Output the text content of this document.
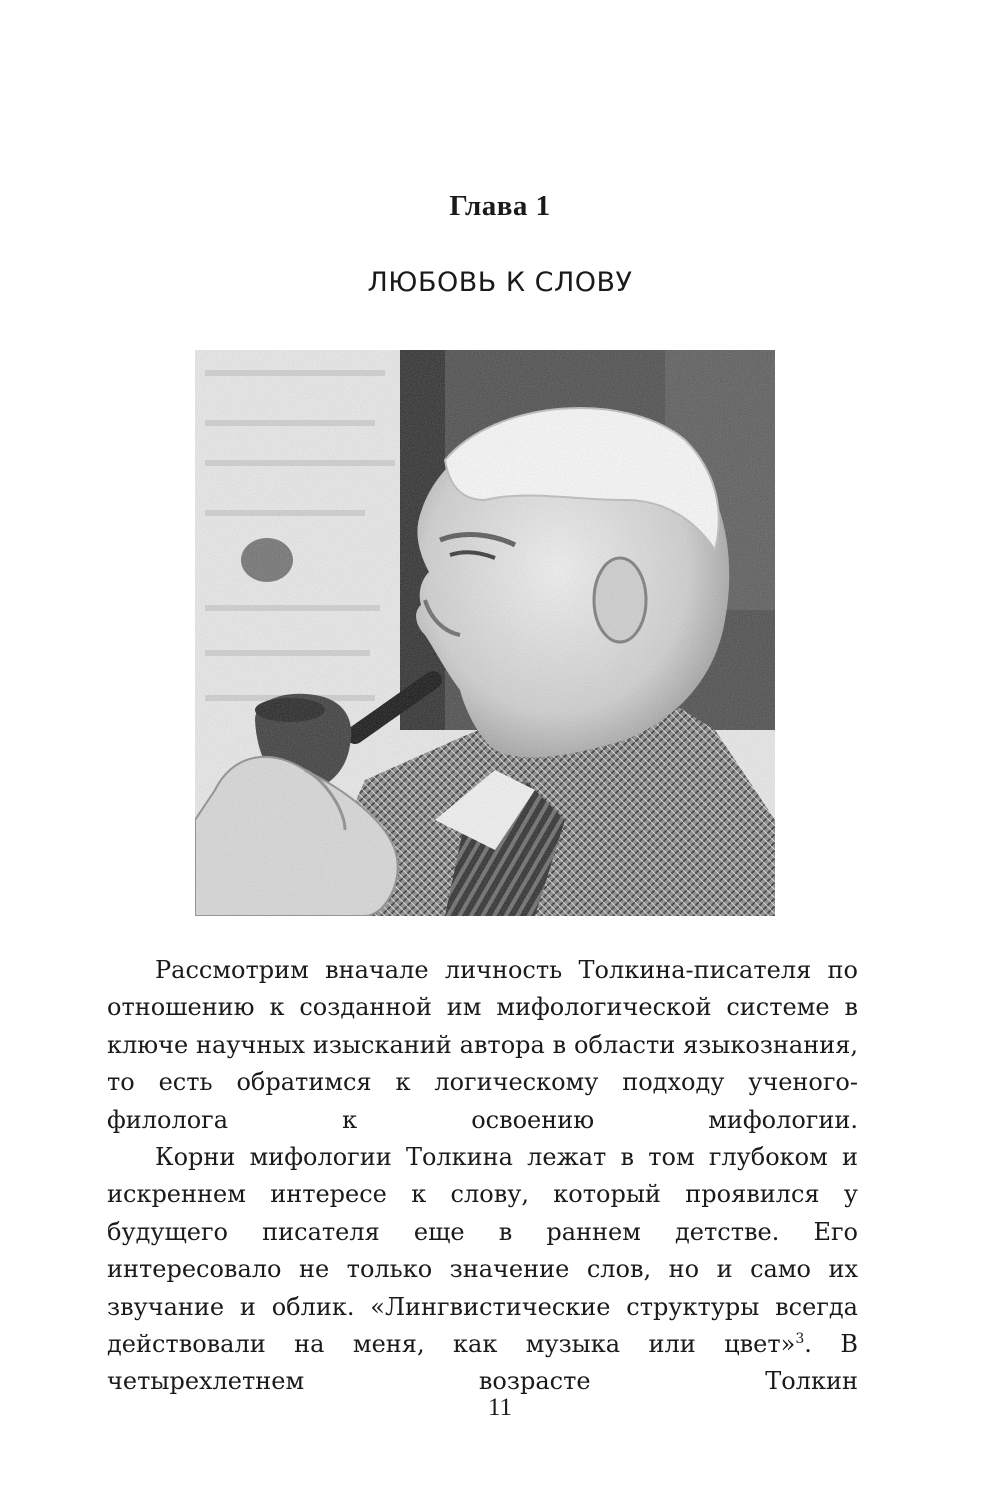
Глава 1
ЛЮБОВЬ К СЛОВУ

Рассмотрим вначале личность Толкина-писателя по отношению к созданной им мифологической системе в ключе научных изысканий автора в области языкознания, то есть обратимся к логическому подходу ученого-филолога к освоению мифологии.

Корни мифологии Толкина лежат в том глубоком и искреннем интересе к слову, который проявился у будущего писателя еще в раннем детстве. Его интересовало не только значение слов, но и само их звучание и облик. «Лингвистические структуры всегда действовали на меня, как музыка или цвет»$^3$. В четырехлетнем возрасте Толкин

11
